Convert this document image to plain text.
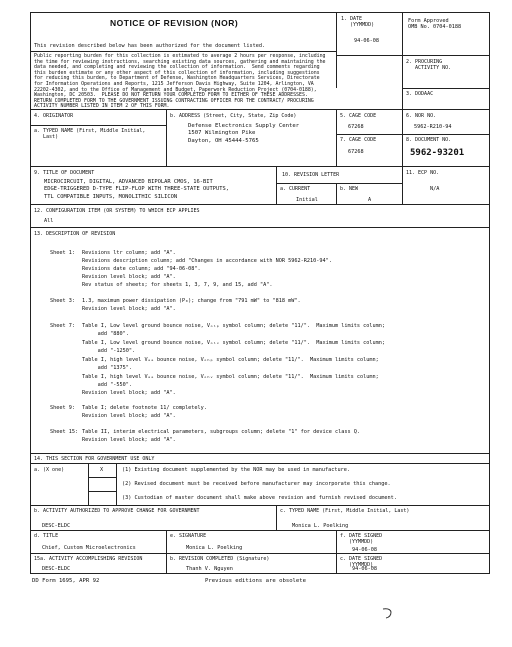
NOTICE OF REVISION (NOR)
This revision described below has been authorized for the document listed.
1. DATE
(YYMMDD)
94-06-08
Form Approved
OMB No. 0704-0188
Public reporting burden for this collection is estimated to average 2 hours per response, including
the time for reviewing instructions, searching existing data sources, gathering and maintaining the
data needed, and completing and reviewing the collection of information.  Send comments regarding
this burden estimate or any other aspect of this collection of information, including suggestions
for reducing this burden, to Department of Defense, Washington Headquarters Services, Directorate
for Information Operations and Reports, 1215 Jefferson Davis Highway, Suite 1204, Arlington, VA
22202-4302, and to the Office of Management and Budget, Paperwork Reduction Project (0704-0188),
Washington, DC 20503.  PLEASE DO NOT RETURN YOUR COMPLETED FORM TO EITHER OF THESE ADDRESSES.
RETURN COMPLETED FORM TO THE GOVERNMENT ISSUING CONTRACTING OFFICER FOR THE CONTRACT/ PROCURING
ACTIVITY NUMBER LISTED IN ITEM 2 OF THIS FORM.
2. PROCURING
ACTIVITY NO.
3. DODAAC
4. ORIGINATOR
a. TYPED NAME (First, Middle Initial,
Last)
b. ADDRESS (Street, City, State, Zip Code)
Defense Electronics Supply Center
1507 Wilmington Pike
Dayton, OH 45444-5765
5. CAGE CODE
67268
6. NOR NO.
5962-R210-94
7. CAGE CODE
67268
8. DOCUMENT NO.
5962-93201
9. TITLE OF DOCUMENT
MICROCIRCUIT, DIGITAL, ADVANCED BIPOLAR CMOS, 16-BIT
EDGE-TRIGGERED D-TYPE FLIP-FLOP WITH THREE-STATE OUTPUTS,
TTL COMPATIBLE INPUTS, MONOLITHIC SILICON
10. REVISION LETTER
a. CURRENT
Initial
b. NEW
A
11. ECP NO.
N/A
12. CONFIGURATION ITEM (OR SYSTEM) TO WHICH ECP APPLIES
All
13. DESCRIPTION OF REVISION
Sheet 1: Revisions ltr column; add "A".
Revisions description column; add "Changes in accordance with NOR 5962-R210-94".
Revisions date column; add "94-06-08".
Revision level block; add "A".
Rev status of sheets; for sheets 1, 3, 7, 9, and 15, add "A".
Sheet 3: 1.3, maximum power dissipation (P₀); change from "791 mW" to "818 mW".
Revision level block; add "A".
Sheet 7: Table I, Low level ground bounce noise, Vₒₗₚ symbol column; delete "11/".  Maximum limits column;
add "880".
Table I, Low level ground bounce noise, Vₒₗᵥ symbol column; delete "11/".  Maximum limits column;
add "-1250".
Table I, high level Vₑₑ bounce noise, Vₒₕₚ symbol column; delete "11/".  Maximum limits column;
add "1375".
Table I, high level Vₑₑ bounce noise, Vₒₕᵥ symbol column; delete "11/".  Maximum limits column;
add "-550".
Revision level block; add "A".
Sheet 9: Table I; delete footnote 11/ completely.
Revision level block; add "A".
Sheet 15: Table II, interim electrical parameters, subgroups column; delete "1" for device class Q.
Revision level block; add "A".
14. THIS SECTION FOR GOVERNMENT USE ONLY
a. (X one)	X	(1) Existing document supplemented by the NOR may be used in manufacture.
(2) Revised document must be received before manufacturer may incorporate this change.
(3) Custodian of master document shall make above revision and furnish revised document.
b. ACTIVITY AUTHORIZED TO APPROVE CHANGE FOR GOVERNMENT
DESC-ELDC
c. TYPED NAME (First, Middle Initial, Last)
Monica L. Poelking
d. TITLE
Chief, Custom Microelectronics
e. SIGNATURE
Monica L. Poelking
f. DATE SIGNED
(YYMMDD)
94-06-08
15a. ACTIVITY ACCOMPLISHING REVISION
DESC-ELDC
b. REVISION COMPLETED (Signature)
Thanh V. Nguyen
c. DATE SIGNED
(YYMMDD)
94-06-08
DD Form 1695, APR 92	Previous editions are obsolete
